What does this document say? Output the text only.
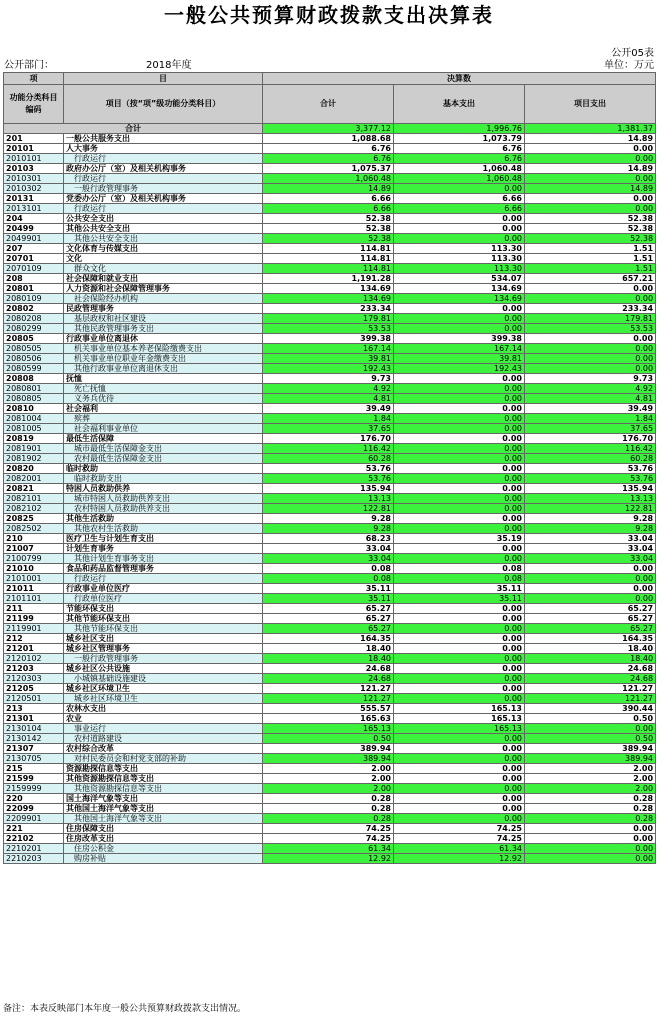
一般公共预算财政拨款支出决算表
公开05表
公开部门：	2018年度	单位：万元
项	目	决算数		
功能分类科目编码	项目（按“项”级功能分类科目）	合计	基本支出	项目支出
合计		3,377.12	1,996.76	1,381.37
201	一般公共服务支出	1,088.68	1,073.79	14.89
20101	人大事务	6.76	6.76	0.00
2010101	行政运行	6.76	6.76	0.00
20103	政府办公厅（室）及相关机构事务	1,075.37	1,060.48	14.89
2010301	行政运行	1,060.48	1,060.48	0.00
2010302	一般行政管理事务	14.89	0.00	14.89
20131	党委办公厅（室）及相关机构事务	6.66	6.66	0.00
2013101	行政运行	6.66	6.66	0.00
204	公共安全支出	52.38	0.00	52.38
20499	其他公共安全支出	52.38	0.00	52.38
2049901	其他公共安全支出	52.38	0.00	52.38
207	文化体育与传媒支出	114.81	113.30	1.51
20701	文化	114.81	113.30	1.51
2070109	群众文化	114.81	113.30	1.51
208	社会保障和就业支出	1,191.28	534.07	657.21
20801	人力资源和社会保障管理事务	134.69	134.69	0.00
2080109	社会保险经办机构	134.69	134.69	0.00
20802	民政管理事务	233.34	0.00	233.34
2080208	基层政权和社区建设	179.81	0.00	179.81
2080299	其他民政管理事务支出	53.53	0.00	53.53
20805	行政事业单位离退休	399.38	399.38	0.00
2080505	机关事业单位基本养老保险缴费支出	167.14	167.14	0.00
2080506	机关事业单位职业年金缴费支出	39.81	39.81	0.00
2080599	其他行政事业单位离退休支出	192.43	192.43	0.00
20808	抚恤	9.73	0.00	9.73
2080801	死亡抚恤	4.92	0.00	4.92
2080805	义务兵优待	4.81	0.00	4.81
20810	社会福利	39.49	0.00	39.49
2081004	殡葬	1.84	0.00	1.84
2081005	社会福利事业单位	37.65	0.00	37.65
20819	最低生活保障	176.70	0.00	176.70
2081901	城市最低生活保障金支出	116.42	0.00	116.42
2081902	农村最低生活保障金支出	60.28	0.00	60.28
20820	临时救助	53.76	0.00	53.76
2082001	临时救助支出	53.76	0.00	53.76
20821	特困人员救助供养	135.94	0.00	135.94
2082101	城市特困人员救助供养支出	13.13	0.00	13.13
2082102	农村特困人员救助供养支出	122.81	0.00	122.81
20825	其他生活救助	9.28	0.00	9.28
2082502	其他农村生活救助	9.28	0.00	9.28
210	医疗卫生与计划生育支出	68.23	35.19	33.04
21007	计划生育事务	33.04	0.00	33.04
2100799	其他计划生育事务支出	33.04	0.00	33.04
21010	食品和药品监督管理事务	0.08	0.08	0.00
2101001	行政运行	0.08	0.08	0.00
21011	行政事业单位医疗	35.11	35.11	0.00
2101101	行政单位医疗	35.11	35.11	0.00
211	节能环保支出	65.27	0.00	65.27
21199	其他节能环保支出	65.27	0.00	65.27
2119901	其他节能环保支出	65.27	0.00	65.27
212	城乡社区支出	164.35	0.00	164.35
21201	城乡社区管理事务	18.40	0.00	18.40
2120102	一般行政管理事务	18.40	0.00	18.40
21203	城乡社区公共设施	24.68	0.00	24.68
2120303	小城镇基础设施建设	24.68	0.00	24.68
21205	城乡社区环境卫生	121.27	0.00	121.27
2120501	城乡社区环境卫生	121.27	0.00	121.27
213	农林水支出	555.57	165.13	390.44
21301	农业	165.63	165.13	0.50
2130104	事业运行	165.13	165.13	0.00
2130142	农村道路建设	0.50	0.00	0.50
21307	农村综合改革	389.94	0.00	389.94
2130705	对村民委员会和村党支部的补助	389.94	0.00	389.94
215	资源勘探信息等支出	2.00	0.00	2.00
21599	其他资源勘探信息等支出	2.00	0.00	2.00
2159999	其他资源勘探信息等支出	2.00	0.00	2.00
220	国土海洋气象等支出	0.28	0.00	0.28
22099	其他国土海洋气象等支出	0.28	0.00	0.28
2209901	其他国土海洋气象等支出	0.28	0.00	0.28
221	住房保障支出	74.25	74.25	0.00
22102	住房改革支出	74.25	74.25	0.00
2210201	住房公积金	61.34	61.34	0.00
2210203	购房补贴	12.92	12.92	0.00
备注：本表反映部门本年度一般公共预算财政拨款支出情况。
